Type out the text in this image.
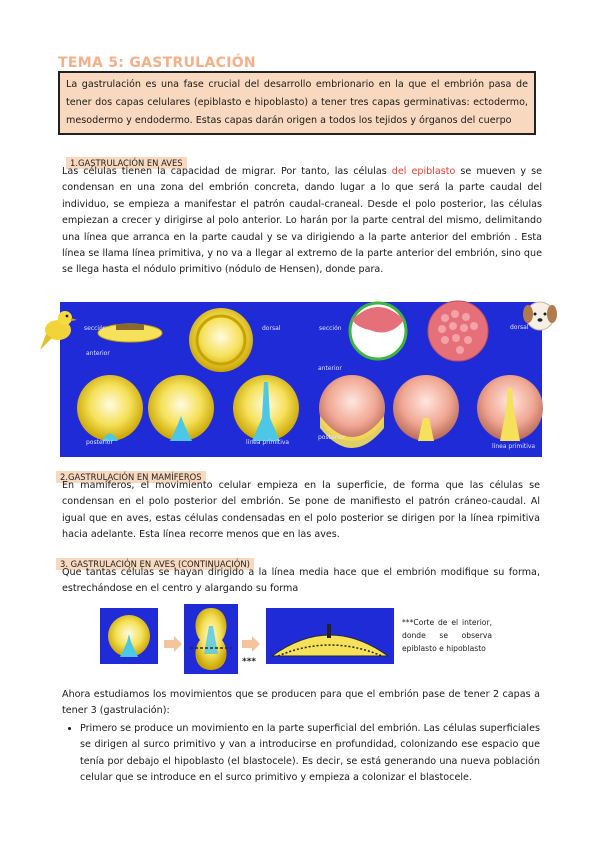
TEMA 5: GASTRULACIÓN
La gastrulación es una fase crucial del desarrollo embrionario en la que el embrión pasa de tener dos capas celulares (epiblasto e hipoblasto) a tener tres capas germinativas: ectodermo, mesodermo y endodermo. Estas capas darán origen a todos los tejidos y órganos del cuerpo
1.GASTRULACIÓN EN AVES
Las células tienen la capacidad de migrar. Por tanto, las células del epiblasto se mueven y se condensan en una zona del embrión concreta, dando lugar a lo que será la parte caudal del individuo, se empieza a manifestar el patrón caudal-craneal. Desde el polo posterior, las células empiezan a crecer y dirigirse al polo anterior. Lo harán por la parte central del mismo, delimitando una línea que arranca en la parte caudal y se va dirigiendo a la parte anterior del embrión . Esta línea se llama línea primitiva, y no va a llegar al extremo de la parte anterior del embrión, sino que se llega hasta el nódulo primitivo (nódulo de Hensen), donde para.
sección	dorsal
anterior
posterior	línea primitiva
sección	dorsal
anterior
posterior
línea primitiva
2.GASTRULACIÓN EN MAMÍFEROS
En mamíferos, el movimiento celular empieza en la superficie, de forma que las células se condensan en el polo posterior del embrión. Se pone de manifiesto el patrón cráneo-caudal. Al igual que en aves, estas células condensadas en el polo posterior se dirigen por la línea rpimitiva hacia adelante. Esta línea recorre menos que en las aves.
3. GASTRULACIÓN EN AVES (CONTINUACIÓN)
Que tantas células se hayan dirigido a la línea media hace que el embrión modifique su forma, estrechándose en el centro y alargando su forma
***
***Corte de el interior, donde se observa epiblasto e hipoblasto
Ahora estudiamos los movimientos que se producen para que el embrión pase de tener 2 capas a tener 3 (gastrulación):
• Primero se produce un movimiento en la parte superficial del embrión. Las células superficiales se dirigen al surco primitivo y van a introducirse en profundidad, colonizando ese espacio que tenía por debajo el hipoblasto (el blastocele). Es decir, se está generando una nueva población celular que se introduce en el surco primitivo y empieza a colonizar el blastocele.
